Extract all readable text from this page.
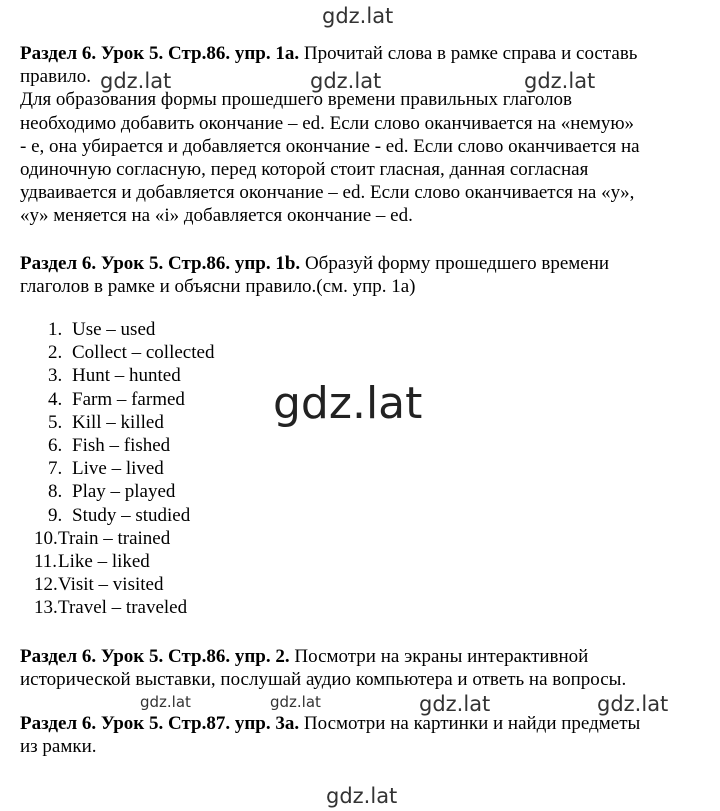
gdz.lat
gdz.lat	gdz.lat	gdz.lat
gdz.lat
gdz.lat	gdz.lat	gdz.lat	gdz.lat
gdz.lat
Раздел 6. Урок 5. Стр.86. упр. 1а. Прочитай слова в рамке справа и составь
правило.
Для образования формы прошедшего времени правильных глаголов
необходимо добавить окончание – ed. Если слово оканчивается на «немую»
- e, она убирается и добавляется окончание - ed. Если слово оканчивается на
одиночную согласную, перед которой стоит гласная, данная согласная
удваивается и добавляется окончание – ed. Если слово оканчивается на «y»,
«y» меняется на «i» добавляется окончание – ed.
Раздел 6. Урок 5. Стр.86. упр. 1b. Образуй форму прошедшего времени
глаголов в рамке и объясни правило.(см. упр. 1а)
1. Use – used
2. Collect – collected
3. Hunt – hunted
4. Farm – farmed
5. Kill – killed
6. Fish – fished
7. Live – lived
8. Play – played
9. Study – studied
10.Train – trained
11.Like – liked
12.Visit – visited
13.Travel – traveled
Раздел 6. Урок 5. Стр.86. упр. 2. Посмотри на экраны интерактивной
исторической выставки, послушай аудио компьютера и ответь на вопросы.
Раздел 6. Урок 5. Стр.87. упр. 3а. Посмотри на картинки и найди предметы
из рамки.
